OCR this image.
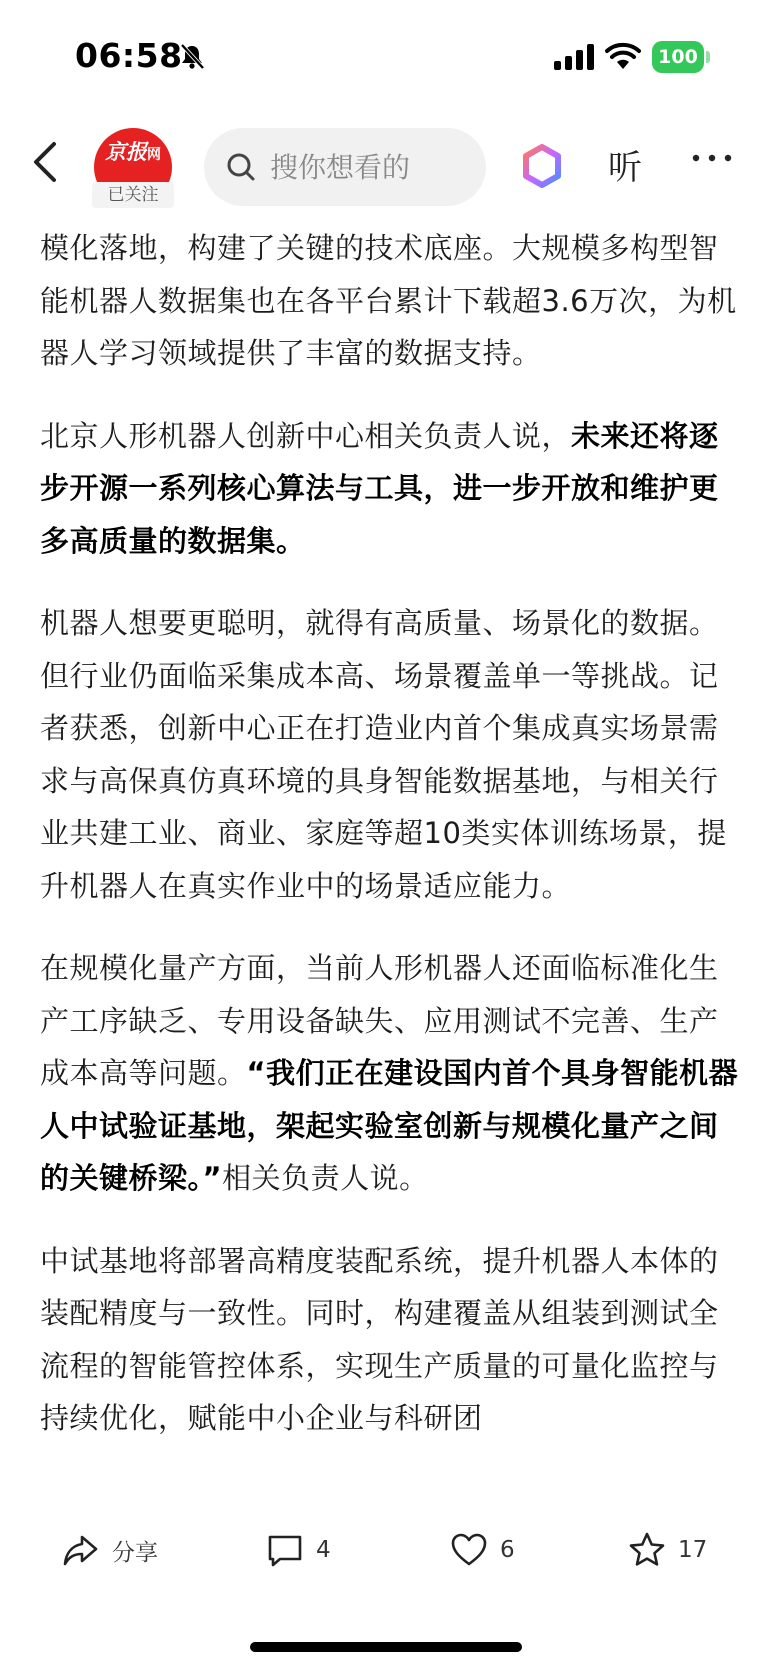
06:58	100
京报网
已关注
搜你想看的
听

模化落地，构建了关键的技术底座。大规模多构型智能机器人数据集也在各平台累计下载超3.6万次，为机器人学习领域提供了丰富的数据支持。

北京人形机器人创新中心相关负责人说，未来还将逐步开源一系列核心算法与工具，进一步开放和维护更多高质量的数据集。

机器人想要更聪明，就得有高质量、场景化的数据。但行业仍面临采集成本高、场景覆盖单一等挑战。记者获悉，创新中心正在打造业内首个集成真实场景需求与高保真仿真环境的具身智能数据基地，与相关行业共建工业、商业、家庭等超10类实体训练场景，提升机器人在真实作业中的场景适应能力。

在规模化量产方面，当前人形机器人还面临标准化生产工序缺乏、专用设备缺失、应用测试不完善、生产成本高等问题。“我们正在建设国内首个具身智能机器人中试验证基地，架起实验室创新与规模化量产之间的关键桥梁。”相关负责人说。

中试基地将部署高精度装配系统，提升机器人本体的装配精度与一致性。同时，构建覆盖从组装到测试全流程的智能管控体系，实现生产质量的可量化监控与持续优化，赋能中小企业与科研团

分享	4	6	17
